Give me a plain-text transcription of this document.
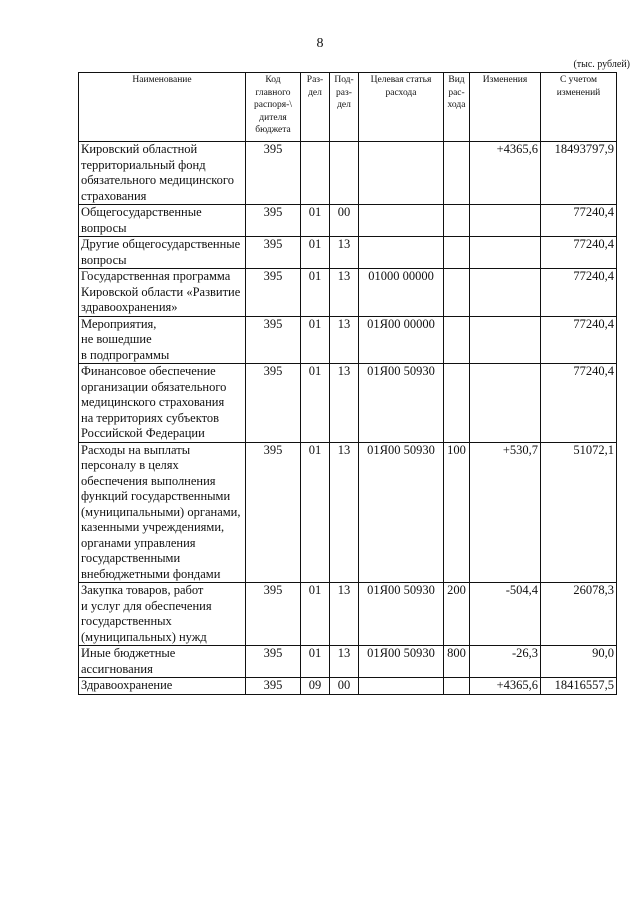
8
(тыс. рублей)
Наименование	Код главного распоря-\ дителя бюджета	Раз- дел	Под- раз- дел	Целевая статья расхода	Вид рас- хода	Изменения	С учетом изменений
Кировский областной территориальный фонд обязательного медицинского страхования	395					+4365,6	18493797,9
Общегосударственные вопросы	395	01	00				77240,4
Другие общегосударственные вопросы	395	01	13				77240,4
Государственная программа Кировской области «Развитие здравоохранения»	395	01	13	01000 00000			77240,4
Мероприятия,
не вошедшие
в подпрограммы	395	01	13	01Я00 00000			77240,4
Финансовое обеспечение организации обязательного медицинского страхования
на территориях субъектов Российской Федерации	395	01	13	01Я00 50930			77240,4
Расходы на выплаты персоналу в целях обеспечения выполнения функций государственными (муниципальными) органами, казенными учреждениями, органами управления государственными внебюджетными фондами	395	01	13	01Я00 50930	100	+530,7	51072,1
Закупка товаров, работ
и услуг для обеспечения государственных (муниципальных) нужд	395	01	13	01Я00 50930	200	-504,4	26078,3
Иные бюджетные ассигнования	395	01	13	01Я00 50930	800	-26,3	90,0
Здравоохранение	395	09	00			+4365,6	18416557,5
